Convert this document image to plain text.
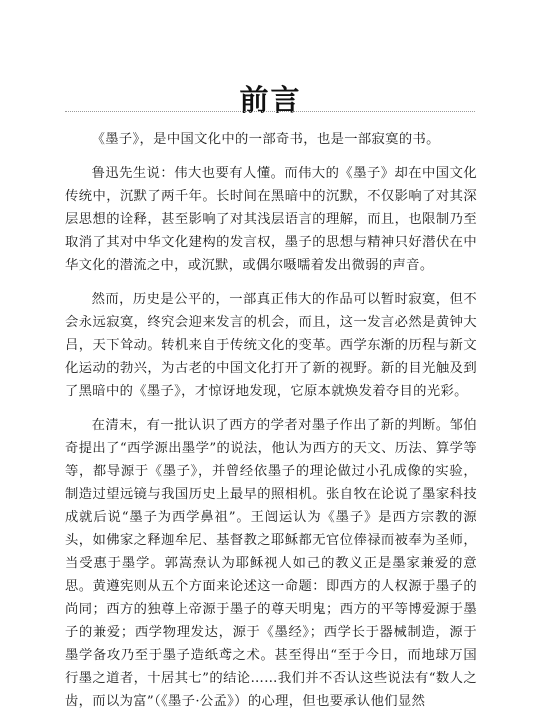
前言

《墨子》，是中国文化中的一部奇书，也是一部寂寞的书。

鲁迅先生说：伟大也要有人懂。而伟大的《墨子》却在中国文化传统中，沉默了两千年。长时间在黑暗中的沉默，不仅影响了对其深层思想的诠释，甚至影响了对其浅层语言的理解，而且，也限制乃至取消了其对中华文化建构的发言权，墨子的思想与精神只好潜伏在中华文化的潜流之中，或沉默，或偶尔嗫嚅着发出微弱的声音。

然而，历史是公平的，一部真正伟大的作品可以暂时寂寞，但不会永远寂寞，终究会迎来发言的机会，而且，这一发言必然是黄钟大吕，天下耸动。转机来自于传统文化的变革。西学东渐的历程与新文化运动的勃兴，为古老的中国文化打开了新的视野。新的目光触及到了黑暗中的《墨子》，才惊讶地发现，它原本就焕发着夺目的光彩。

在清末，有一批认识了西方的学者对墨子作出了新的判断。邹伯奇提出了“西学源出墨学”的说法，他认为西方的天文、历法、算学等等，都导源于《墨子》，并曾经依墨子的理论做过小孔成像的实验，制造过望远镜与我国历史上最早的照相机。张自牧在论说了墨家科技成就后说“墨子为西学鼻祖”。王闿运认为《墨子》是西方宗教的源头，如佛家之释迦牟尼、基督教之耶稣都无官位俸禄而被奉为圣师，当受惠于墨学。郭嵩焘认为耶稣视人如己的教义正是墨家兼爱的意思。黄遵宪则从五个方面来论述这一命题：即西方的人权源于墨子的尚同；西方的独尊上帝源于墨子的尊天明鬼；西方的平等博爱源于墨子的兼爱；西学物理发达，源于《墨经》；西学长于器械制造，源于墨学备攻乃至于墨子造纸鸢之术。甚至得出“至于今日，而地球万国行墨之道者，十居其七”的结论……我们并不否认这些说法有“数人之齿，而以为富”（《墨子·公孟》）的心理，但也要承认他们显然
